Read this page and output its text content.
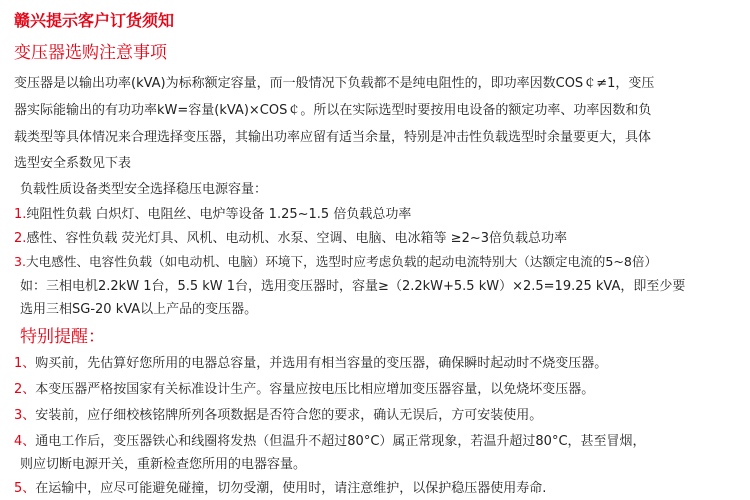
赣兴提示客户订货须知
变压器选购注意事项
变压器是以输出功率(kVA)为标称额定容量，而一般情况下负载都不是纯电阻性的，即功率因数COS￠≠1，变压
器实际能输出的有功功率kW=容量(kVA)×COS￠。所以在实际选型时要按用电设备的额定功率、功率因数和负
载类型等具体情况来合理选择变压器，其输出功率应留有适当余量，特别是冲击性负载选型时余量要更大，具体
选型安全系数见下表
负载性质设备类型安全选择稳压电源容量：
1.纯阻性负载 白炽灯、电阻丝、电炉等设备 1.25~1.5 倍负载总功率
2.感性、容性负载 荧光灯具、风机、电动机、水泵、空调、电脑、电冰箱等 ≥2~3倍负载总功率
3.大电感性、电容性负载（如电动机、电脑）环境下，选型时应考虑负载的起动电流特别大（达额定电流的5~8倍）
如：三相电机2.2kW 1台，5.5 kW 1台，选用变压器时，容量≥（2.2kW+5.5 kW）×2.5=19.25 kVA，即至少要
选用三相SG-20 kVA以上产品的变压器。
特别提醒：
1、购买前，先估算好您所用的电器总容量，并选用有相当容量的变压器，确保瞬时起动时不烧变压器。
2、本变压器严格按国家有关标准设计生产。容量应按电压比相应增加变压器容量，以免烧坏变压器。
3、安装前，应仔细校核铭牌所列各项数据是否符合您的要求，确认无误后，方可安装使用。
4、通电工作后，变压器铁心和线圈将发热（但温升不超过80°C）属正常现象，若温升超过80°C，甚至冒烟，
则应切断电源开关，重新检查您所用的电器容量。
5、在运输中，应尽可能避免碰撞，切勿受潮，使用时，请注意维护，以保护稳压器使用寿命.
